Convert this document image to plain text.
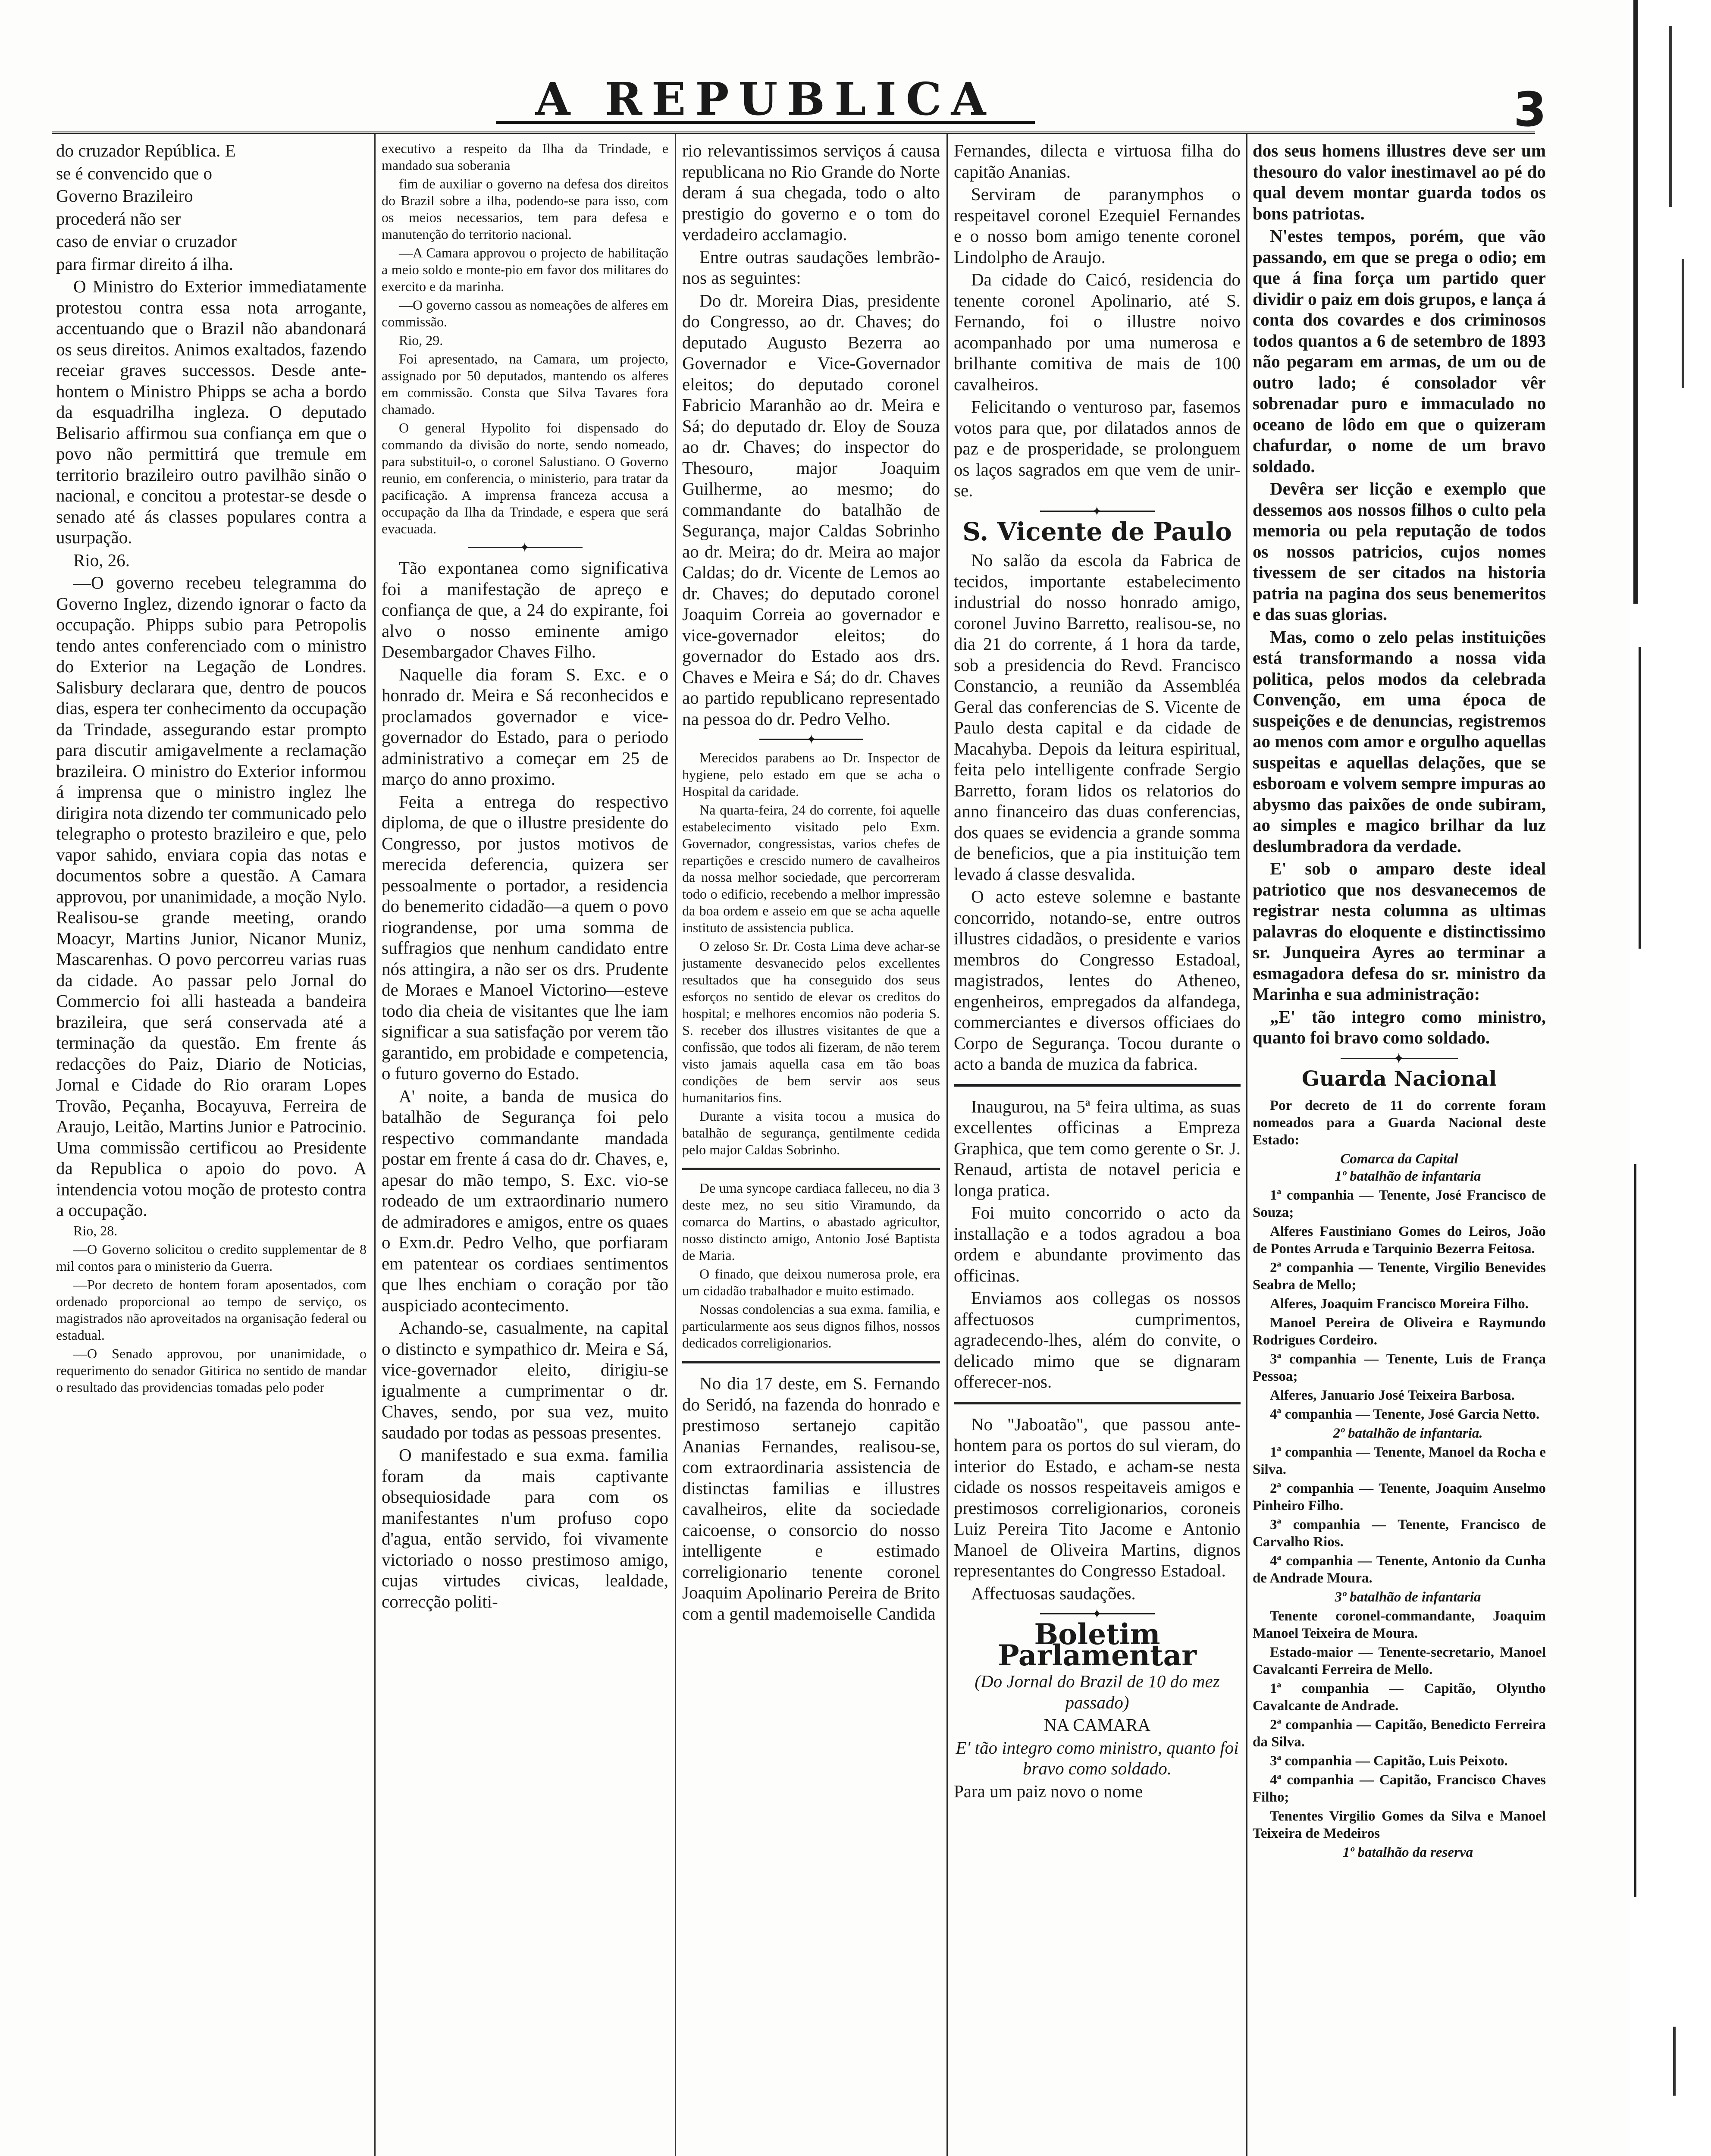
A REPUBLICA	3

do cruzador República. E

se é convencido que o

Governo Brazileiro

procederá não ser

caso de enviar o cruzador

para firmar direito á ilha.

O Ministro do Exterior immediatamente protestou contra essa nota arrogante, accentuando que o Brazil não abandonará os seus direitos. Animos exaltados, fazendo receiar graves successos. Desde ante-hontem o Ministro Phipps se acha a bordo da esquadrilha ingleza. O deputado Belisario affirmou sua confiança em que o povo não permittirá que tremule em territorio brazileiro outro pavilhão sinão o nacional, e concitou a protestar-se desde o senado até ás classes populares contra a usurpação.

Rio, 26.

—O governo recebeu telegramma do Governo Inglez, dizendo ignorar o facto da occupação. Phipps subio para Petropolis tendo antes conferenciado com o ministro do Exterior na Legação de Londres. Salisbury declarara que, dentro de poucos dias, espera ter conhecimento da occupação da Trindade, assegurando estar prompto para discutir amigavelmente a reclamação brazileira. O ministro do Exterior informou á imprensa que o ministro inglez lhe dirigira nota dizendo ter communicado pelo telegrapho o protesto brazileiro e que, pelo vapor sahido, enviara copia das notas e documentos sobre a questão. A Camara approvou, por unanimidade, a moção Nylo. Realisou-se grande meeting, orando Moacyr, Martins Junior, Nicanor Muniz, Mascarenhas. O povo percorreu varias ruas da cidade. Ao passar pelo Jornal do Commercio foi alli hasteada a bandeira brazileira, que será conservada até a terminação da questão. Em frente ás redacções do Paiz, Diario de Noticias, Jornal e Cidade do Rio oraram Lopes Trovão, Peçanha, Bocayuva, Ferreira de Araujo, Leitão, Martins Junior e Patrocinio. Uma commissão certificou ao Presidente da Republica o apoio do povo. A intendencia votou moção de protesto contra a occupação.

Rio, 28.

—O Governo solicitou o credito supplementar de 8 mil contos para o ministerio da Guerra.

—Por decreto de hontem foram aposentados, com ordenado proporcional ao tempo de serviço, os magistrados não aproveitados na organisação federal ou estadual.

—O Senado approvou, por unanimidade, o requerimento do senador Gitirica no sentido de mandar o resultado das providencias tomadas pelo poder

executivo a respeito da Ilha da Trindade, e mandado sua soberania

fim de auxiliar o governo na defesa dos direitos do Brazil sobre a ilha, podendo-se para isso, com os meios necessarios, tem para defesa e manutenção do territorio nacional.

—A Camara approvou o projecto de habilitação a meio soldo e monte-pio em favor dos militares do exercito e da marinha.

—O governo cassou as nomeações de alferes em commissão.

Rio, 29.

Foi apresentado, na Camara, um projecto, assignado por 50 deputados, mantendo os alferes em commissão. Consta que Silva Tavares fora chamado.

O general Hypolito foi dispensado do commando da divisão do norte, sendo nomeado, para substituil-o, o coronel Salustiano. O Governo reunio, em conferencia, o ministerio, para tratar da pacificação. A imprensa franceza accusa a occupação da Ilha da Trindade, e espera que será evacuada.

✦

Tão expontanea como significativa foi a manifestação de apreço e confiança de que, a 24 do expirante, foi alvo o nosso eminente amigo Desembargador Chaves Filho.

Naquelle dia foram S. Exc. e o honrado dr. Meira e Sá reconhecidos e proclamados governador e vice-governador do Estado, para o periodo administrativo a começar em 25 de março do anno proximo.

Feita a entrega do respectivo diploma, de que o illustre presidente do Congresso, por justos motivos de merecida deferencia, quizera ser pessoalmente o portador, a residencia do benemerito cidadão—a quem o povo riograndense, por uma somma de suffragios que nenhum candidato entre nós attingira, a não ser os drs. Prudente de Moraes e Manoel Victorino—esteve todo dia cheia de visitantes que lhe iam significar a sua satisfação por verem tão garantido, em probidade e competencia, o futuro governo do Estado.

A' noite, a banda de musica do batalhão de Segurança foi pelo respectivo commandante mandada postar em frente á casa do dr. Chaves, e, apesar do mão tempo, S. Exc. vio-se rodeado de um extraordinario numero de admiradores e amigos, entre os quaes o Exm.dr. Pedro Velho, que porfiaram em patentear os cordiaes sentimentos que lhes enchiam o coração por tão auspiciado acontecimento.

Achando-se, casualmente, na capital o distincto e sympathico dr. Meira e Sá, vice-governador eleito, dirigiu-se igualmente a cumprimentar o dr. Chaves, sendo, por sua vez, muito saudado por todas as pessoas presentes.

O manifestado e sua exma. familia foram da mais captivante obsequiosidade para com os manifestantes n'um profuso copo d'agua, então servido, foi vivamente victoriado o nosso prestimoso amigo, cujas virtudes civicas, lealdade, correcção politi-

rio relevantissimos serviços á causa republicana no Rio Grande do Norte deram á sua chegada, todo o alto prestigio do governo e o tom do verdadeiro acclamagio.

Entre outras saudações lembrão-nos as seguintes:

Do dr. Moreira Dias, presidente do Congresso, ao dr. Chaves; do deputado Augusto Bezerra ao Governador e Vice-Governador eleitos; do deputado coronel Fabricio Maranhão ao dr. Meira e Sá; do deputado dr. Eloy de Souza ao dr. Chaves; do inspector do Thesouro, major Joaquim Guilherme, ao mesmo; do commandante do batalhão de Segurança, major Caldas Sobrinho ao dr. Meira; do dr. Meira ao major Caldas; do dr. Vicente de Lemos ao dr. Chaves; do deputado coronel Joaquim Correia ao governador e vice-governador eleitos; do governador do Estado aos drs. Chaves e Meira e Sá; do dr. Chaves ao partido republicano representado na pessoa do dr. Pedro Velho.

✦

Merecidos parabens ao Dr. Inspector de hygiene, pelo estado em que se acha o Hospital da caridade.

Na quarta-feira, 24 do corrente, foi aquelle estabelecimento visitado pelo Exm. Governador, congressistas, varios chefes de repartições e crescido numero de cavalheiros da nossa melhor sociedade, que percorreram todo o edificio, recebendo a melhor impressão da boa ordem e asseio em que se acha aquelle instituto de assistencia publica.

O zeloso Sr. Dr. Costa Lima deve achar-se justamente desvanecido pelos excellentes resultados que ha conseguido dos seus esforços no sentido de elevar os creditos do hospital; e melhores encomios não poderia S. S. receber dos illustres visitantes de que a confissão, que todos ali fizeram, de não terem visto jamais aquella casa em tão boas condições de bem servir aos seus humanitarios fins.

Durante a visita tocou a musica do batalhão de segurança, gentilmente cedida pelo major Caldas Sobrinho.

De uma syncope cardiaca falleceu, no dia 3 deste mez, no seu sitio Viramundo, da comarca do Martins, o abastado agricultor, nosso distincto amigo, Antonio José Baptista de Maria.

O finado, que deixou numerosa prole, era um cidadão trabalhador e muito estimado.

Nossas condolencias a sua exma. familia, e particularmente aos seus dignos filhos, nossos dedicados correligionarios.

No dia 17 deste, em S. Fernando do Seridó, na fazenda do honrado e prestimoso sertanejo capitão Ananias Fernandes, realisou-se, com extraordinaria assistencia de distinctas familias e illustres cavalheiros, elite da sociedade caicoense, o consorcio do nosso intelligente e estimado correligionario tenente coronel Joaquim Apolinario Pereira de Brito com a gentil mademoiselle Candida

Fernandes, dilecta e virtuosa filha do capitão Ananias.

Serviram de paranymphos o respeitavel coronel Ezequiel Fernandes e o nosso bom amigo tenente coronel Lindolpho de Araujo.

Da cidade do Caicó, residencia do tenente coronel Apolinario, até S. Fernando, foi o illustre noivo acompanhado por uma numerosa e brilhante comitiva de mais de 100 cavalheiros.

Felicitando o venturoso par, fasemos votos para que, por dilatados annos de paz e de prosperidade, se prolonguem os laços sagrados em que vem de unir-se.

✦
S. Vicente de Paulo

No salão da escola da Fabrica de tecidos, importante estabelecimento industrial do nosso honrado amigo, coronel Juvino Barretto, realisou-se, no dia 21 do corrente, á 1 hora da tarde, sob a presidencia do Revd. Francisco Constancio, a reunião da Assembléa Geral das conferencias de S. Vicente de Paulo desta capital e da cidade de Macahyba. Depois da leitura espiritual, feita pelo intelligente confrade Sergio Barretto, foram lidos os relatorios do anno financeiro das duas conferencias, dos quaes se evidencia a grande somma de beneficios, que a pia instituição tem levado á classe desvalida.

O acto esteve solemne e bastante concorrido, notando-se, entre outros illustres cidadãos, o presidente e varios membros do Congresso Estadoal, magistrados, lentes do Atheneo, engenheiros, empregados da alfandega, commerciantes e diversos officiaes do Corpo de Segurança. Tocou durante o acto a banda de muzica da fabrica.

Inaugurou, na 5ª feira ultima, as suas excellentes officinas a Empreza Graphica, que tem como gerente o Sr. J. Renaud, artista de notavel pericia e longa pratica.

Foi muito concorrido o acto da installação e a todos agradou a boa ordem e abundante provimento das officinas.

Enviamos aos collegas os nossos affectuosos cumprimentos, agradecendo-lhes, além do convite, o delicado mimo que se dignaram offerecer-nos.

No "Jaboatão", que passou ante-hontem para os portos do sul vieram, do interior do Estado, e acham-se nesta cidade os nossos respeitaveis amigos e prestimosos correligionarios, coroneis Luiz Pereira Tito Jacome e Antonio Manoel de Oliveira Martins, dignos representantes do Congresso Estadoal.

Affectuosas saudações.

✦
Boletim Parlamentar

(Do Jornal do Brazil de 10 do mez passado)

NA CAMARA

E' tão integro como ministro, quanto foi bravo como soldado.

Para um paiz novo o nome

dos seus homens illustres deve ser um thesouro do valor inestimavel ao pé do qual devem montar guarda todos os bons patriotas.

N'estes tempos, porém, que vão passando, em que se prega o odio; em que á fina força um partido quer dividir o paiz em dois grupos, e lança á conta dos covardes e dos criminosos todos quantos a 6 de setembro de 1893 não pegaram em armas, de um ou de outro lado; é consolador vêr sobrenadar puro e immaculado no oceano de lôdo em que o quizeram chafurdar, o nome de um bravo soldado.

Devêra ser licção e exemplo que dessemos aos nossos filhos o culto pela memoria ou pela reputação de todos os nossos patricios, cujos nomes tivessem de ser citados na historia patria na pagina dos seus benemeritos e das suas glorias.

Mas, como o zelo pelas instituições está transformando a nossa vida politica, pelos modos da celebrada Convenção, em uma época de suspeições e de denuncias, registremos ao menos com amor e orgulho aquellas suspeitas e aquellas delações, que se esboroam e volvem sempre impuras ao abysmo das paixões de onde subiram, ao simples e magico brilhar da luz deslumbradora da verdade.

E' sob o amparo deste ideal patriotico que nos desvanecemos de registrar nesta columna as ultimas palavras do eloquente e distinctissimo sr. Junqueira Ayres ao terminar a esmagadora defesa do sr. ministro da Marinha e sua administração:

„E' tão integro como ministro, quanto foi bravo como soldado.

✦
Guarda Nacional

Por decreto de 11 do corrente foram nomeados para a Guarda Nacional deste Estado:

Comarca da Capital

1º batalhão de infantaria

1ª companhia — Tenente, José Francisco de Souza;

Alferes Faustiniano Gomes do Leiros, João de Pontes Arruda e Tarquinio Bezerra Feitosa.

2ª companhia — Tenente, Virgilio Benevides Seabra de Mello;

Alferes, Joaquim Francisco Moreira Filho.

Manoel Pereira de Oliveira e Raymundo Rodrigues Cordeiro.

3ª companhia — Tenente, Luis de França Pessoa;

Alferes, Januario José Teixeira Barbosa.

4ª companhia — Tenente, José Garcia Netto.

2º batalhão de infantaria.

1ª companhia — Tenente, Manoel da Rocha e Silva.

2ª companhia — Tenente, Joaquim Anselmo Pinheiro Filho.

3ª companhia — Tenente, Francisco de Carvalho Rios.

4ª companhia — Tenente, Antonio da Cunha de Andrade Moura.

3º batalhão de infantaria

Tenente coronel-commandante, Joaquim Manoel Teixeira de Moura.

Estado-maior — Tenente-secretario, Manoel Cavalcanti Ferreira de Mello.

1ª companhia — Capitão, Olyntho Cavalcante de Andrade.

2ª companhia — Capitão, Benedicto Ferreira da Silva.

3ª companhia — Capitão, Luis Peixoto.

4ª companhia — Capitão, Francisco Chaves Filho;

Tenentes Virgilio Gomes da Silva e Manoel Teixeira de Medeiros

1º batalhão da reserva
